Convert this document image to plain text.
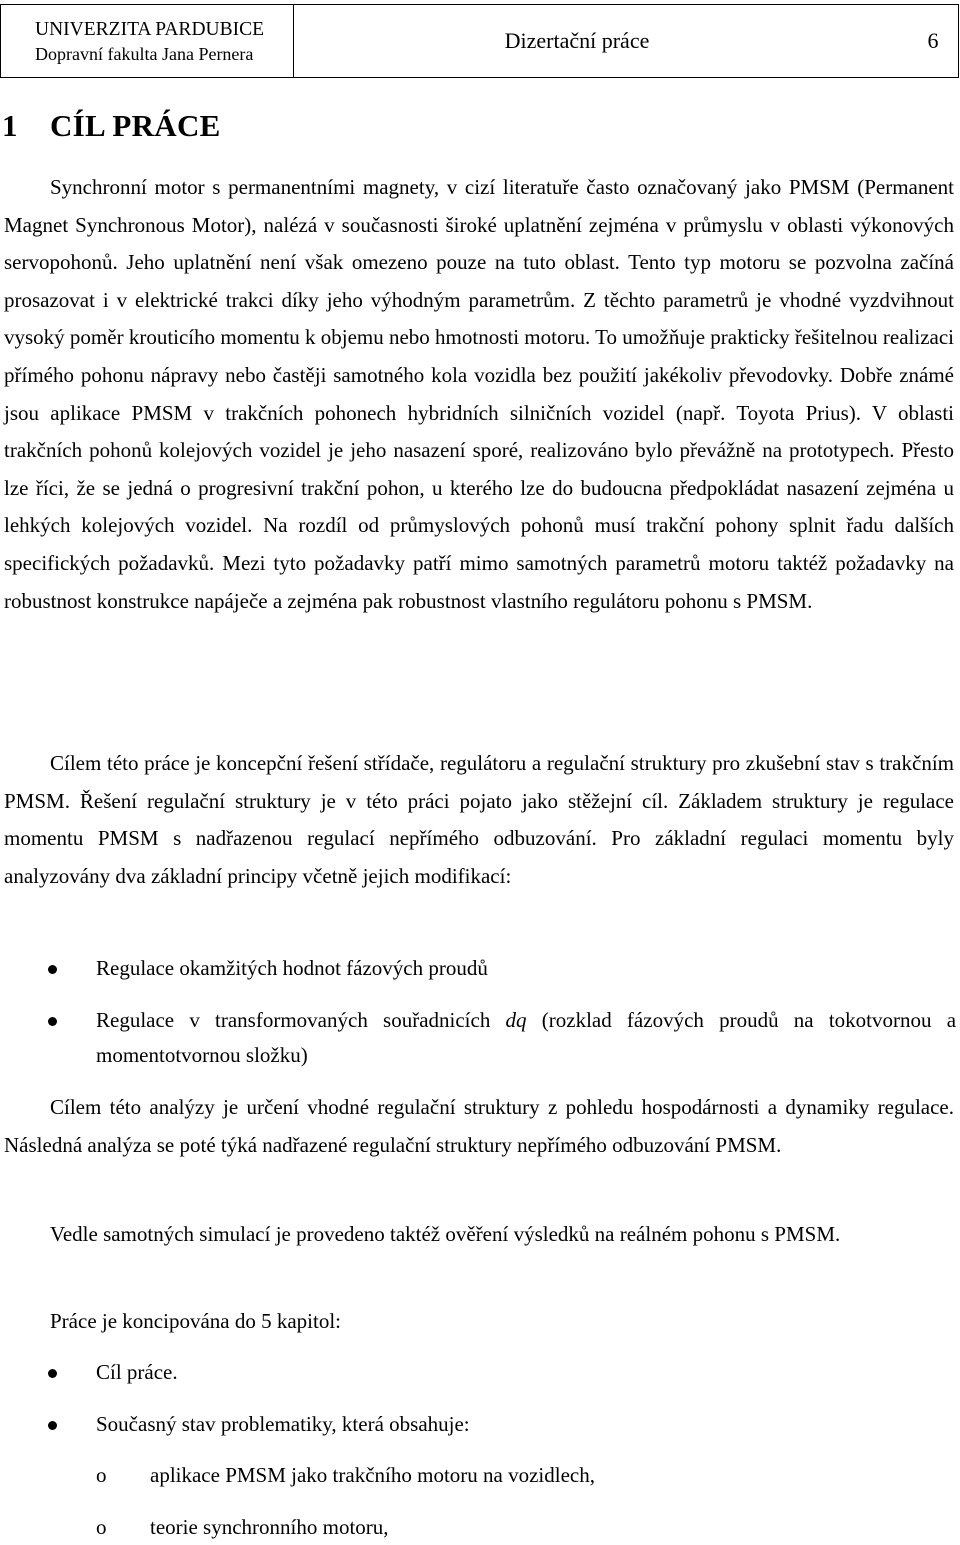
UNIVERZITA PARDUBICE
Dopravní fakulta Jana Pernera
Dizertační práce	6
1 CÍL PRÁCE

Synchronní motor s permanentními magnety, v cizí literatuře často označovaný jako PMSM (Permanent Magnet Synchronous Motor), nalézá v současnosti široké uplatnění zejména v průmyslu v oblasti výkonových servopohonů. Jeho uplatnění není však omezeno pouze na tuto oblast. Tento typ motoru se pozvolna začíná prosazovat i v elektrické trakci díky jeho výhodným parametrům. Z těchto parametrů je vhodné vyzdvihnout vysoký poměr krouticího momentu k objemu nebo hmotnosti motoru. To umožňuje prakticky řešitelnou realizaci přímého pohonu nápravy nebo častěji samotného kola vozidla bez použití jakékoliv převodovky. Dobře známé jsou aplikace PMSM v trakčních pohonech hybridních silničních vozidel (např. Toyota Prius). V oblasti trakčních pohonů kolejových vozidel je jeho nasazení sporé, realizováno bylo převážně na prototypech. Přesto lze říci, že se jedná o progresivní trakční pohon, u kterého lze do budoucna předpokládat nasazení zejména u lehkých kolejových vozidel. Na rozdíl od průmyslových pohonů musí trakční pohony splnit řadu dalších specifických požadavků. Mezi tyto požadavky patří mimo samotných parametrů motoru taktéž požadavky na robustnost konstrukce napáječe a zejména pak robustnost vlastního regulátoru pohonu s PMSM.

Cílem této práce je koncepční řešení střídače, regulátoru a regulační struktury pro zkušební stav s trakčním PMSM. Řešení regulační struktury je v této práci pojato jako stěžejní cíl. Základem struktury je regulace momentu PMSM s nadřazenou regulací nepřímého odbuzování. Pro základní regulaci momentu byly analyzovány dva základní principy včetně jejich modifikací:

Regulace okamžitých hodnot fázových proudů
Regulace v transformovaných souřadnicích dq (rozklad fázových proudů na tokotvornou a momentotvornou složku)

Cílem této analýzy je určení vhodné regulační struktury z pohledu hospodárnosti a dynamiky regulace. Následná analýza se poté týká nadřazené regulační struktury nepřímého odbuzování PMSM.

Vedle samotných simulací je provedeno taktéž ověření výsledků na reálném pohonu s PMSM.

Práce je koncipována do 5 kapitol:

Cíl práce.
Současný stav problematiky, která obsahuje:
o aplikace PMSM jako trakčního motoru na vozidlech,
o teorie synchronního motoru,
